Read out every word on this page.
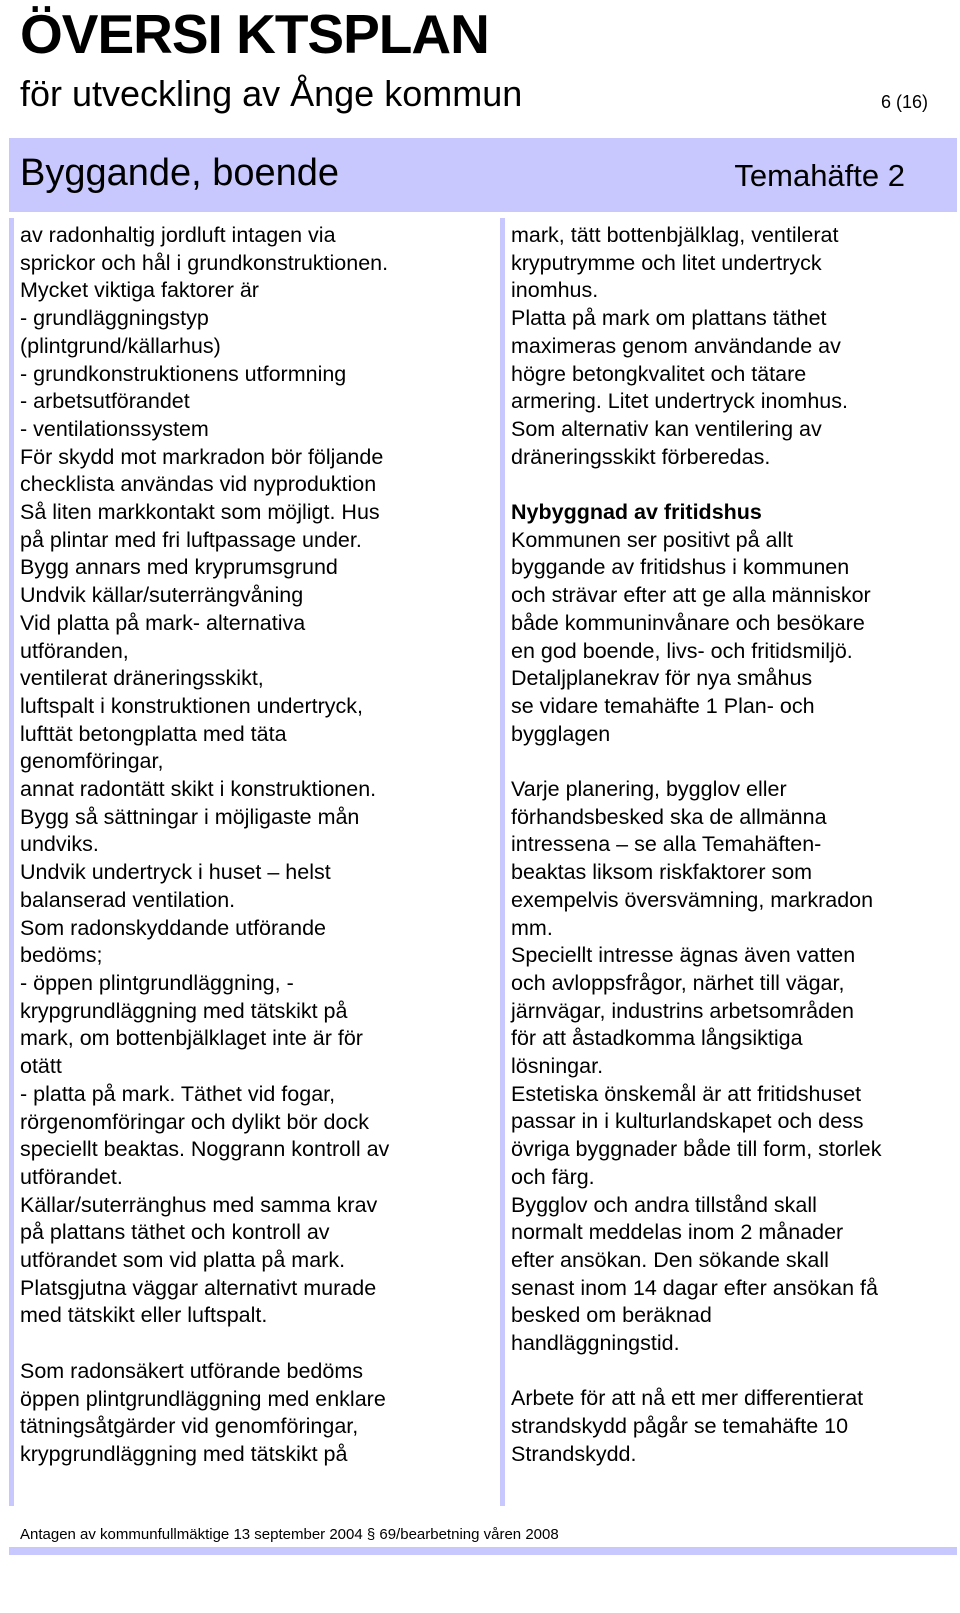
ÖVERSI KTSPLAN
för utveckling av Ånge kommun	6 (16)
Byggande, boende	Temahäfte 2

av radonhaltig jordluft intagen via
sprickor och hål i grundkonstruktionen.
Mycket viktiga faktorer är
- grundläggningstyp
(plintgrund/källarhus)
- grundkonstruktionens utformning
- arbetsutförandet
- ventilationssystem
För skydd mot markradon bör följande
checklista användas vid nyproduktion
Så liten markkontakt som möjligt. Hus
på plintar med fri luftpassage under.
Bygg annars med kryprumsgrund
Undvik källar/suterrängvåning
Vid platta på mark- alternativa
utföranden,
ventilerat dräneringsskikt,
luftspalt i konstruktionen undertryck,
lufttät betongplatta med täta
genomföringar,
annat radontätt skikt i konstruktionen.
Bygg så sättningar i möjligaste mån
undviks.
Undvik undertryck i huset – helst
balanserad ventilation.
Som radonskyddande utförande
bedöms;
- öppen plintgrundläggning, -
krypgrundläggning med tätskikt på
mark, om bottenbjälklaget inte är för
otätt
- platta på mark. Täthet vid fogar,
rörgenomföringar och dylikt bör dock
speciellt beaktas. Noggrann kontroll av
utförandet.
Källar/suterränghus med samma krav
på plattans täthet och kontroll av
utförandet som vid platta på mark.
Platsgjutna väggar alternativt murade
med tätskikt eller luftspalt.

Som radonsäkert utförande bedöms
öppen plintgrundläggning med enklare
tätningsåtgärder vid genomföringar,
krypgrundläggning med tätskikt på

mark, tätt bottenbjälklag, ventilerat
kryputrymme och litet undertryck
inomhus.
Platta på mark om plattans täthet
maximeras genom användande av
högre betongkvalitet och tätare
armering. Litet undertryck inomhus.
Som alternativ kan ventilering av
dräneringsskikt förberedas.

Nybyggnad av fritidshus

Kommunen ser positivt på allt
byggande av fritidshus i kommunen
och strävar efter att ge alla människor
både kommuninvånare och besökare
en god boende, livs- och fritidsmiljö.
Detaljplanekrav för nya småhus
se vidare temahäfte 1 Plan- och
bygglagen

Varje planering, bygglov eller
förhandsbesked ska de allmänna
intressena – se alla Temahäften-
beaktas liksom riskfaktorer som
exempelvis översvämning, markradon
mm.
Speciellt intresse ägnas även vatten
och avloppsfrågor, närhet till vägar,
järnvägar, industrins arbetsområden
för att åstadkomma långsiktiga
lösningar.
Estetiska önskemål är att fritidshuset
passar in i kulturlandskapet och dess
övriga byggnader både till form, storlek
och färg.
Bygglov och andra tillstånd skall
normalt meddelas inom 2 månader
efter ansökan. Den sökande skall
senast inom 14 dagar efter ansökan få
besked om beräknad
handläggningstid.

Arbete för att nå ett mer differentierat
strandskydd pågår se temahäfte 10
Strandskydd.

Antagen av kommunfullmäktige 13 september 2004 § 69/bearbetning våren 2008
